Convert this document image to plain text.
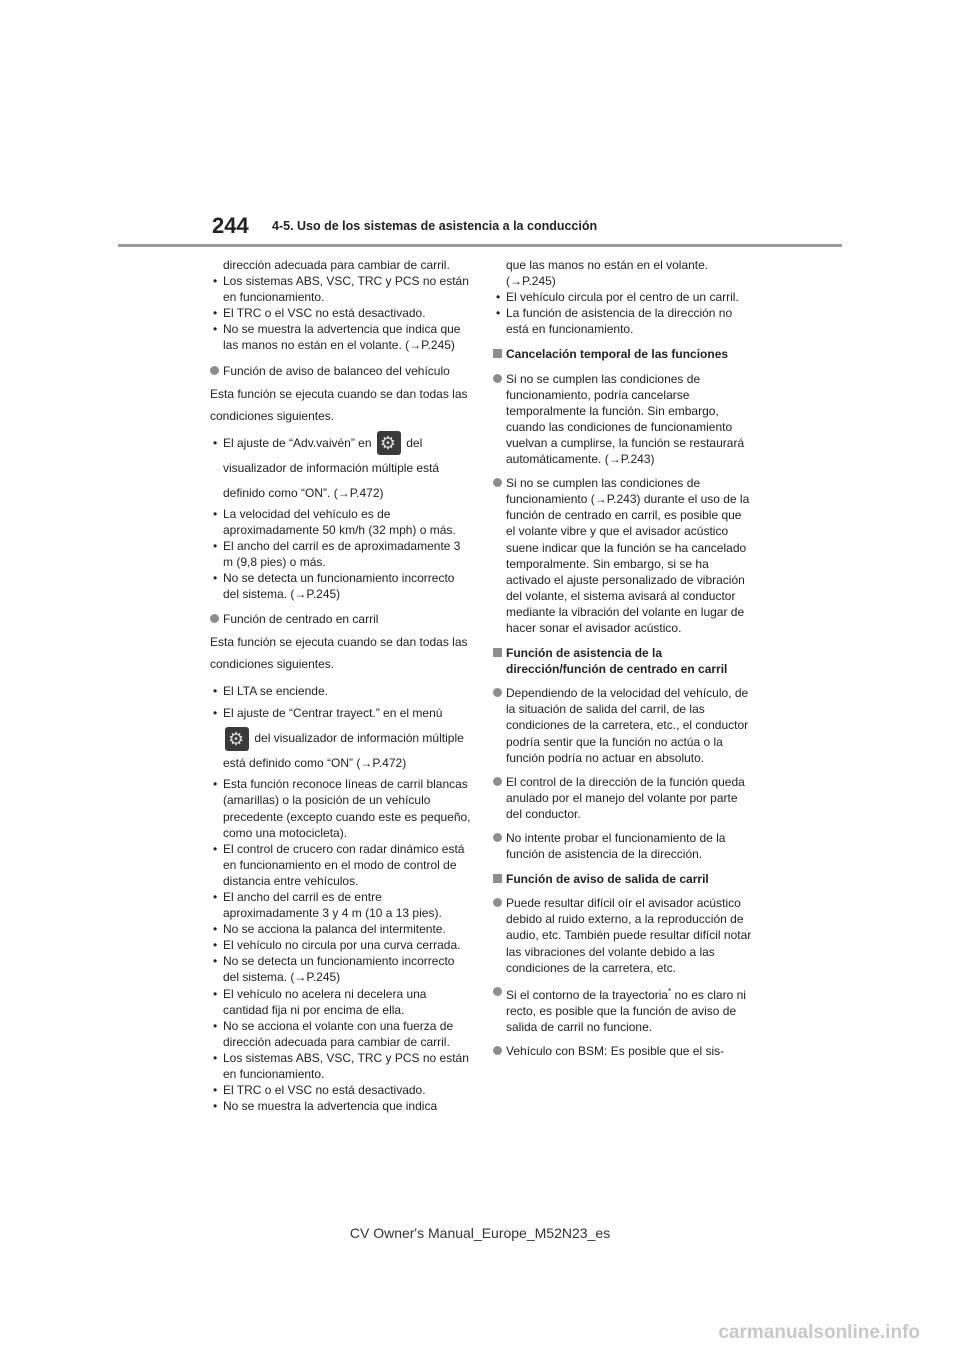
244 4-5. Uso de los sistemas de asistencia a la conducción
dirección adecuada para cambiar de carril.
• Los sistemas ABS, VSC, TRC y PCS no están en funcionamiento.
• El TRC o el VSC no está desactivado.
• No se muestra la advertencia que indica que las manos no están en el volante. (→P.245)
Función de aviso de balanceo del vehículo
Esta función se ejecuta cuando se dan todas las condiciones siguientes.
• El ajuste de “Adv.vaivén” en ⚙	del visualizador de información múltiple está definido como “ON”. (→P.472)
• La velocidad del vehículo es de aproximadamente 50 km/h (32 mph) o más.
• El ancho del carril es de aproximadamente 3 m (9,8 pies) o más.
• No se detecta un funcionamiento incorrecto del sistema. (→P.245)
Función de centrado en carril
Esta función se ejecuta cuando se dan todas las condiciones siguientes.
• El LTA se enciende.
• El ajuste de “Centrar trayect.” en el menú ⚙ del visualizador de información múltiple está definido como “ON” (→P.472)
• Esta función reconoce líneas de carril blancas (amarillas) o la posición de un vehículo precedente (excepto cuando este es pequeño, como una motocicleta).
• El control de crucero con radar dinámico está en funcionamiento en el modo de control de distancia entre vehículos.
• El ancho del carril es de entre aproximadamente 3 y 4 m (10 a 13 pies).
• No se acciona la palanca del intermitente.
• El vehículo no circula por una curva cerrada.
• No se detecta un funcionamiento incorrecto del sistema. (→P.245)
• El vehículo no acelera ni decelera una cantidad fija ni por encima de ella.
• No se acciona el volante con una fuerza de dirección adecuada para cambiar de carril.
• Los sistemas ABS, VSC, TRC y PCS no están en funcionamiento.
• El TRC o el VSC no está desactivado.
• No se muestra la advertencia que indica
que las manos no están en el volante. (→P.245)
• El vehículo circula por el centro de un carril.
• La función de asistencia de la dirección no está en funcionamiento.
Cancelación temporal de las funciones
Si no se cumplen las condiciones de funcionamiento, podría cancelarse temporalmente la función. Sin embargo, cuando las condiciones de funcionamiento vuelvan a cumplirse, la función se restaurará automáticamente. (→P.243)
Si no se cumplen las condiciones de funcionamiento (→P.243) durante el uso de la función de centrado en carril, es posible que el volante vibre y que el avisador acústico suene indicar que la función se ha cancelado temporalmente. Sin embargo, si se ha activado el ajuste personalizado de vibración del volante, el sistema avisará al conductor mediante la vibración del volante en lugar de hacer sonar el avisador acústico.
Función de asistencia de la dirección/función de centrado en carril
Dependiendo de la velocidad del vehículo, de la situación de salida del carril, de las condiciones de la carretera, etc., el conductor podría sentir que la función no actúa o la función podría no actuar en absoluto.
El control de la dirección de la función queda anulado por el manejo del volante por parte del conductor.
No intente probar el funcionamiento de la función de asistencia de la dirección.
Función de aviso de salida de carril
Puede resultar difícil oír el avisador acústico debido al ruido externo, a la reproducción de audio, etc. También puede resultar difícil notar las vibraciones del volante debido a las condiciones de la carretera, etc.
Si el contorno de la trayectoria* no es claro ni recto, es posible que la función de aviso de salida de carril no funcione.
Vehículo con BSM: Es posible que el sis-
CV Owner's Manual_Europe_M52N23_es
carmanualsonline.info
